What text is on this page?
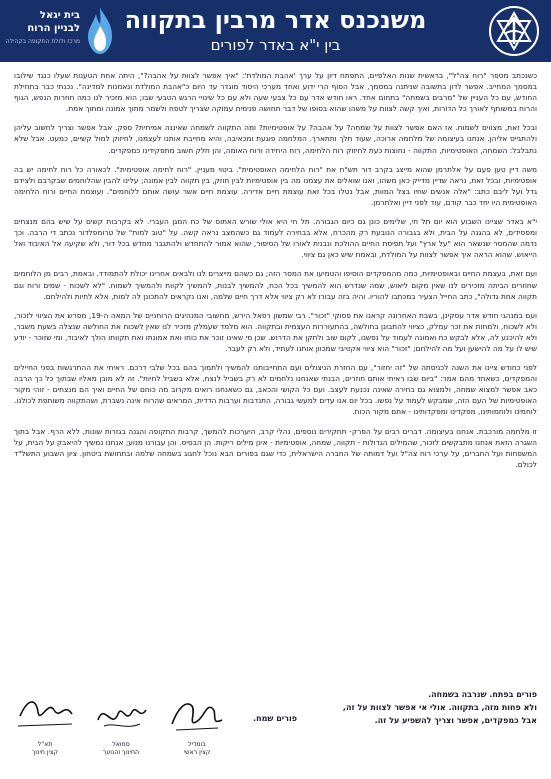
משנכנס אדר מרבין בתקווה
בין י"א באדר לפורים
בית יגאל
לבניין הרוח
מרכז ולולת התקופה בקהילה

כשנכתב מספר "רוח צה"ל", בראשית שנות האלפיים, התפתח דיון על ערך 'אהבת המולדת': "איך אפשר לצוות על אהבה?", היתה אחת הטענות שעלו כנגד שילובו במסמך המחייב. אפשר לדון בתשובה שניתנה במסמך, אבל הסוף הרי ידוע ואחד מערכי היסוד מוגדר עד היום כ"אהבת המולדת ונאמנות למדינה". נכנתי כבר בתחילת החודש, עם כל העניין של "מרבים בשמחה" בתחום אחד. ראו חודש אדר עם כל צבעי שעה ולא עם כל שינויי הרגש הטבעי שבו; הוא מזכיר לנו כמה חוזרות הנפש, הגוף והרוח במשותף לאורך כל הדורות, ואיך קשה לצוות על משהו שהוא בסופו של דבר תחושה פנימית עמוקה שצריך לטפח ולשמר מתוך אמונה ומתוך אמת.

ובכל זאת, מצווים לשמוח. אז האם אפשר לצוות על שמחה? על אהבה? על אופטימיות? ומה התקווה לשמחה שאיננה אמיתית? ספק. אבל אפשר וצריך לחשוב עליהן ולהתגייס אליהן. אנחנו בעיצומה של מלחמה ארוכה, שעוד תלך ותתארך. המלחמה פוגעת ומכאיבה, והיא מחייבת אותנו לעצמנו, לחיזוק למול קשיים, כמעט. אבל שלא נתבלבל: השמחה, האופטימיות, התקווה - נחוצות כעת לחיזוק רוח הלחימה, רוח היחידה ורוח האומה, והן חלק חשוב מתפקידינו כמפקדים.

משה דיין טען פעם על אלתרמן שהוא מייצג בקרב דור תש"ח את "רוח הלחימה האופטימית". ביטוי מעניין. "רוח לחימה אופטימית". לכאורה כל רוח לחימה יש בה אופטימיות, ובכל זאת, נראה שדיין מדייק כאן משהו, ואנו שואלים את עצמנו מה בין אופטימיות לבין חוזק, בין תקווה לבין אמונה; עלינו להבין שהלוחמים שבקרבם ולצידם גדל ועל ליבם כתב: "אלה אנשים שחיו בצל המוות, אבל נטלו בכל זאת עוצמת חיים אדירה. עוצמת חיים אשר עושה אותם ללוחמים". ועוצמת החיים ורוח הלחימה האופטימית היו יחד כבר קודם, עוד לפני דיין ואלתרמן.

י"א באדר שציינו השבוע הוא יום תל חי, שלימים כונן גם כיום הגבורה. תל חי היא אולי שורש האתוס של כח המגן העברי. לא בקרבות קשים על שיש בהם מנצחים ומפסידים, לא בהגנה על הבית, ולא בגבורה הנובעת רק מהכרח, אלא בבחירה לעמוד גם כשהמצב נראה קשה. על "טוב למות" של טרומפלדור נכתב די הרבה. וכך נדמה שהמסר שנשאר הוא "על ארץ" ועל תפיסת החיים ההולכת ונבנית לאורו של הסיפור, שהוא אמור להתחדש ולהתגבר מחדש בכל דור, ולא שקיעה אל האיבוד ואל הייאוש. שהוא הראה איך אפשר לצוות על המולדת, ובאמת שיש כאן גם ציווי.

ועם זאת, בעצמת החיים ובאופטימיות, כמה מהמפקדים הוסיפו והטמיעו את המסר הזה; גם כשהם מייצרים לנו ולבאים אחרינו יכולת להתמודד. ובאמת, רבים מן הלוחמים שחוזרים הביתה מזכירים לנו שאין מקום ליאוש, שמה שנדרש הוא להמשיך בכל הכח, להמשיך לבנות, להמשיך לקוות ולהמשיך לשמוח. "לא לשכוח - שמים ורוח וגם תקווה אחת גדולה", כתב החייל הצעיר במכתבו להוריו. והיה בזה עבורו לא רק ציווי אלא דרך חיים שלמה, ואנו נקראים להתכונן לה למות, אלא לחיות ולהילחם.

ועם במנהגי חודש אדר עסקינן, בשבת האחרונה קראנו את פסוקי "זכור". רבי שמשון רפאל הירש, מחשובי המנהיגים הרוחניים של המאה ה-19, מפרש את הציווי לזכור, ולא לשכוח, ולמחות את זכר עמלק, כציווי להתבונן בחולשה, בהתעוררות העצמית ובתקווה. הוא מלמד שעמלק מזכיר לנו שאין לשכוח את החולשה שנצלה בשעת משבר, ולא להיכנע לה, אלא לבקש כח ואמונה לעמוד על נפשנו, לקום שוב ולתקן את הדרוש. שכן מי שאינו זוכר את כוחו ואת אמונתו ואת תקוותו הולך לאיבוד, ומי שזוכר - יודע שיש לו על מה להישען ועל מה להילחם; "זכור" הוא ציווי אקטיבי שמכוון אותנו לעתיד, ולא רק לעבר.

לפני כחודש ציינו את השנה לכניסתה של "זה יחזור", עם החזרת הניצולים ועם התחייבותנו להמשיך ולתמוך בהם בכל שלבי דרכם. ראיתי את ההתרגשות בפני החיילים והמפקדים, כשאחד מהם אמר: "ביום שבו ראיתי אותם חוזרים, הבנתי שאנחנו נלחמים לא רק בשביל לנצח, אלא בשביל לחיות". זה לא מובן מאליו שבתוך כל כך הרבה כאב אפשר למצוא שמחה, ולמצוא גם בחירה שאינה נכנעת לעצב. ועם כל הקושי והכאב, גם כשאנחנו רואים מקרוב מה כוחם של החיים ואיך הם מנצחים - זוהי מקור האופטימיות של העם הזה, שמבקש לעמוד על נפשו. בכל יום אנו עדים למעשי גבורה, התנדבות וערבות הדדית, המראים שהרוח אינה נשברת, ושהתקווה משותפת לכולנו. לוחמינו ולוחמותינו, מפקדינו ומפקדותינו - אתם מקור הכוח.

זו מלחמה מורכבת. אנחנו בעיצומה. דברים רבים על הפרק- תחקירים נוספים, נהלי קרב, היערכות להמשך, קרבות התקופה והגנה בגזרות שונות, ללא הרף. אבל בתוך השגרה הזאת אנחנו מתבקשים לזכור, שהמילים הגדולות - תקווה, שמחה, אופטימיות - אינן מילים ריקות. הן הבסיס. והן עבורנו מנוע; אנחנו נמשיך להיאבק על הבית, על המשפחות ועל החברים, על ערכי רוח צה"ל ועל דמותה של החברה הישראלית, כדי שגם בפורים הבא נוכל לחגוג בשמחה שלמה ובתחושת ביטחון. ציון השבוע התשל"ד לכולם.

פורים בפתח. שנרבה בשמחה.
ולא פחות מזה, בתקווה. אולי אי אפשר לצוות על זה,
אבל כמפקדים, אפשר וצריך להשפיע על זה.
פורים שמח.
בומדיל
קצין ראשי
סמואל
החינוך והנוער
תא"ל
קצין חינוך
